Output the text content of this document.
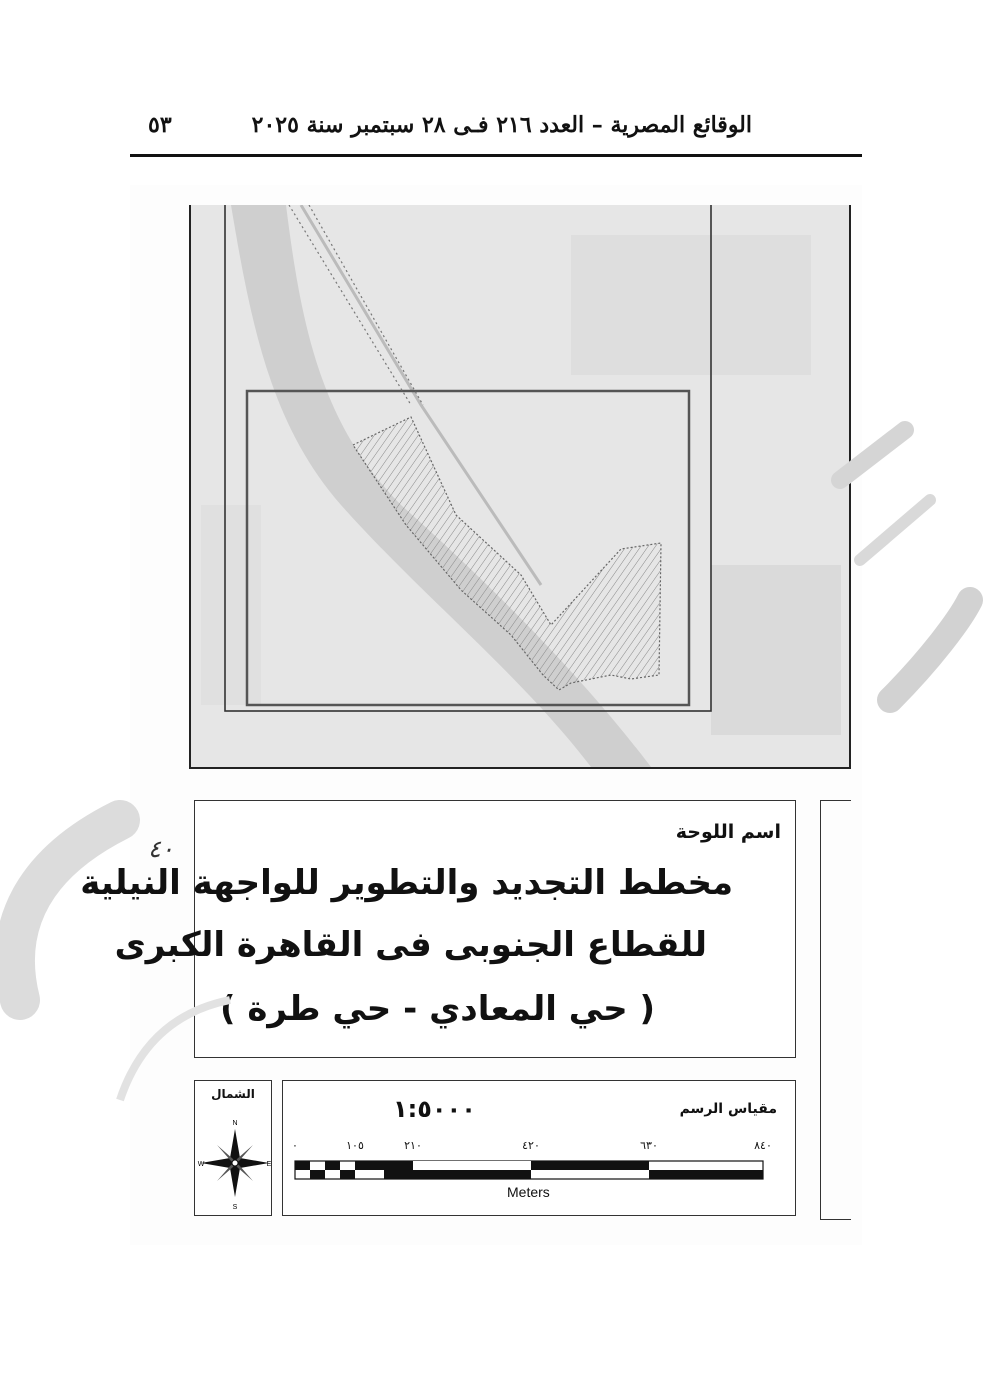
الوقائع المصرية – العدد ٢١٦ فـى ٢٨ سبتمبر سنة ٢٠٢٥
٥٣
اسم اللوحة
مخطط التجديد والتطوير للواجهة النيلية
للقطاع الجنوبى فى القاهرة الكبرى
( حي المعادي - حي طرة )
٤٠
الشمال
N
S
E
W
مقياس الرسم
١:٥٠٠٠
٠	١٠٥	٢١٠	٤٢٠	٦٣٠	٨٤٠
Meters
